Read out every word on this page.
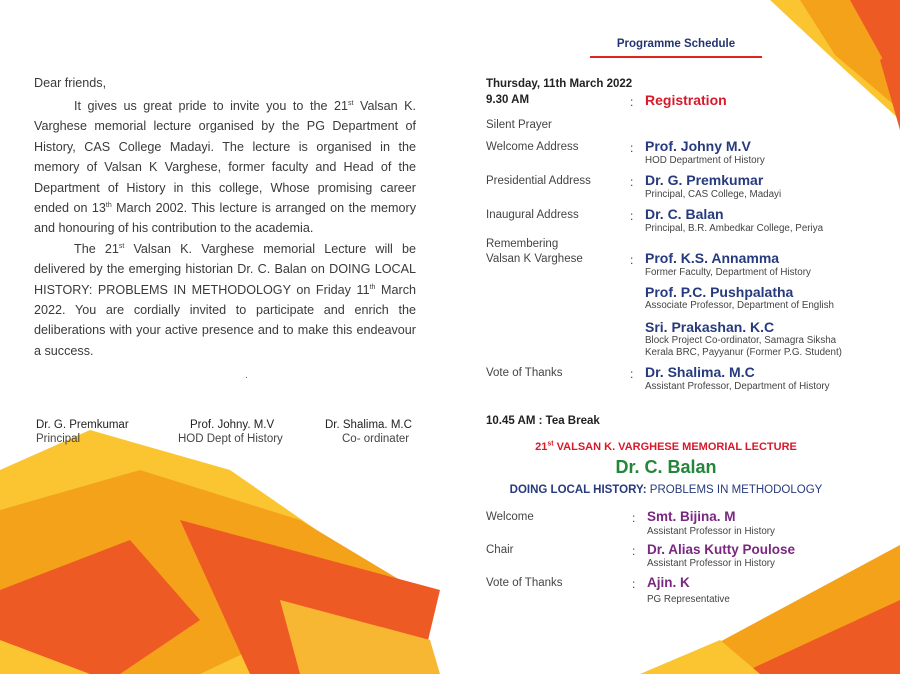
Dear friends,

It gives us great pride to invite you to the 21st Valsan K. Varghese memorial lecture organised by the PG Department of History, CAS College Madayi. The lecture is organised in the memory of Valsan K Varghese, former faculty and Head of the Department of History in this college, Whose promising career ended on 13th March 2002. This lecture is arranged on the memory and honouring of his contribution to the academia.

The 21st Valsan K. Varghese memorial Lecture will be delivered by the emerging historian Dr. C. Balan on DOING LOCAL HISTORY: PROBLEMS IN METHODOLOGY on Friday 11th March 2022. You are cordially invited to participate and enrich the deliberations with your active presence and to make this endeavour a success.

.
Dr. G. Premkumar
Principal
Prof. Johny. M.V
HOD Dept of History
Dr. Shalima. M.C
Co- ordinater
Programme Schedule
Thursday, 11th March 2022
9.30 AM	: Registration
Silent Prayer
Welcome Address	: Prof. Johny M.V
HOD Department of History
Presidential Address	: Dr. G. Premkumar
Principal, CAS College, Madayi
Inaugural Address	: Dr. C. Balan
Principal, B.R. Ambedkar College, Periya
Remembering
Valsan K Varghese	: Prof. K.S. Annamma
Former Faculty, Department of History
Prof. P.C. Pushpalatha
Associate Professor, Department of English
Sri. Prakashan. K.C
Block Project Co-ordinator, Samagra Siksha
Kerala BRC, Payyanur (Former P.G. Student)
Vote of Thanks	: Dr. Shalima. M.C
Assistant Professor, Department of History
10.45 AM : Tea Break
21st VALSAN K. VARGHESE MEMORIAL LECTURE
Dr. C. Balan
DOING LOCAL HISTORY: PROBLEMS IN METHODOLOGY
Welcome	: Smt. Bijina. M
Assistant Professor in History
Chair	: Dr. Alias Kutty Poulose
Assistant Professor in History
Vote of Thanks	: Ajin. K
PG Representative
